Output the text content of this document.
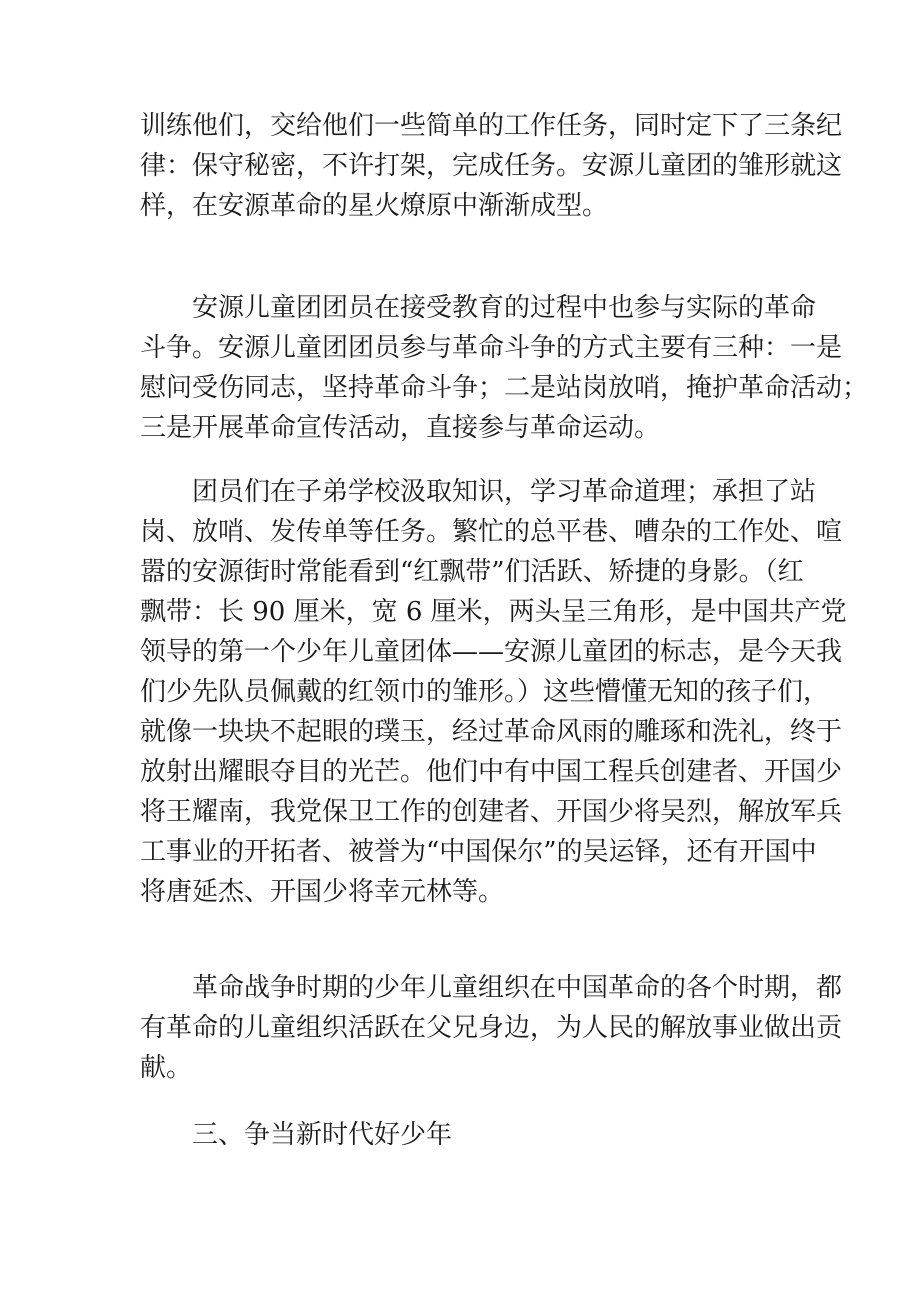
训练他们，交给他们一些简单的工作任务，同时定下了三条纪
律：保守秘密，不许打架，完成任务。安源儿童团的雏形就这
样，在安源革命的星火燎原中渐渐成型。
　　安源儿童团团员在接受教育的过程中也参与实际的革命
斗争。安源儿童团团员参与革命斗争的方式主要有三种：一是
慰问受伤同志，坚持革命斗争；二是站岗放哨，掩护革命活动；
三是开展革命宣传活动，直接参与革命运动。
　　团员们在子弟学校汲取知识，学习革命道理；承担了站
岗、放哨、发传单等任务。繁忙的总平巷、嘈杂的工作处、喧
嚣的安源街时常能看到“红飘带”们活跃、矫捷的身影。（红
飘带：长 90 厘米，宽 6 厘米，两头呈三角形，是中国共产党
领导的第一个少年儿童团体——安源儿童团的标志，是今天我
们少先队员佩戴的红领巾的雏形。）这些懵懂无知的孩子们，
就像一块块不起眼的璞玉，经过革命风雨的雕琢和洗礼，终于
放射出耀眼夺目的光芒。他们中有中国工程兵创建者、开国少
将王耀南，我党保卫工作的创建者、开国少将吴烈，解放军兵
工事业的开拓者、被誉为“中国保尔”的吴运铎，还有开国中
将唐延杰、开国少将幸元林等。
　　革命战争时期的少年儿童组织在中国革命的各个时期，都
有革命的儿童组织活跃在父兄身边，为人民的解放事业做出贡
献。
　　三、争当新时代好少年
